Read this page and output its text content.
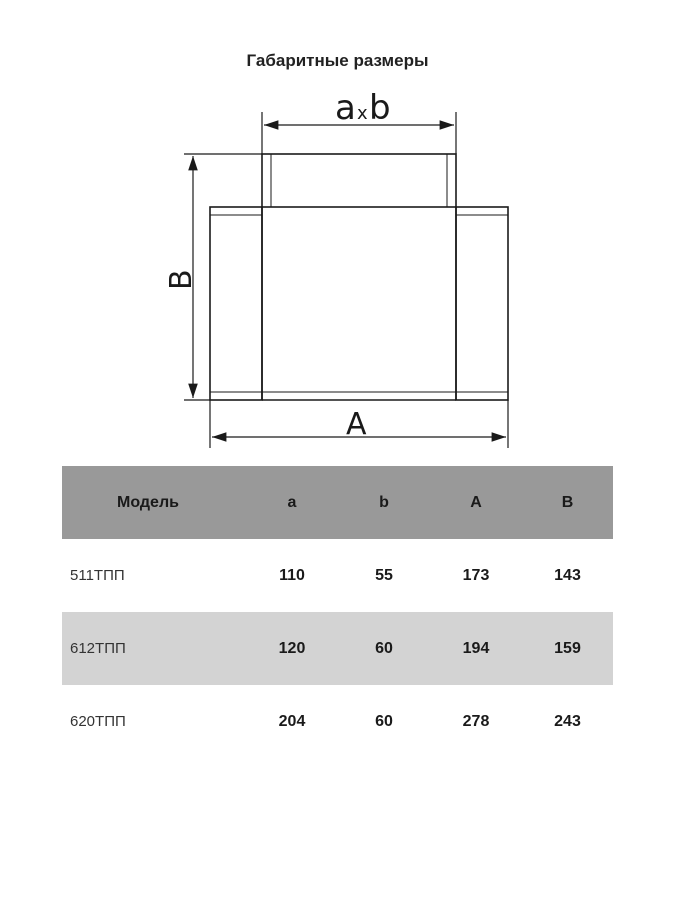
Габаритные размеры
a x b
B
A
Модель	a	b	A	B
511ТПП	110	55	173	143
612ТПП	120	60	194	159
620ТПП	204	60	278	243
